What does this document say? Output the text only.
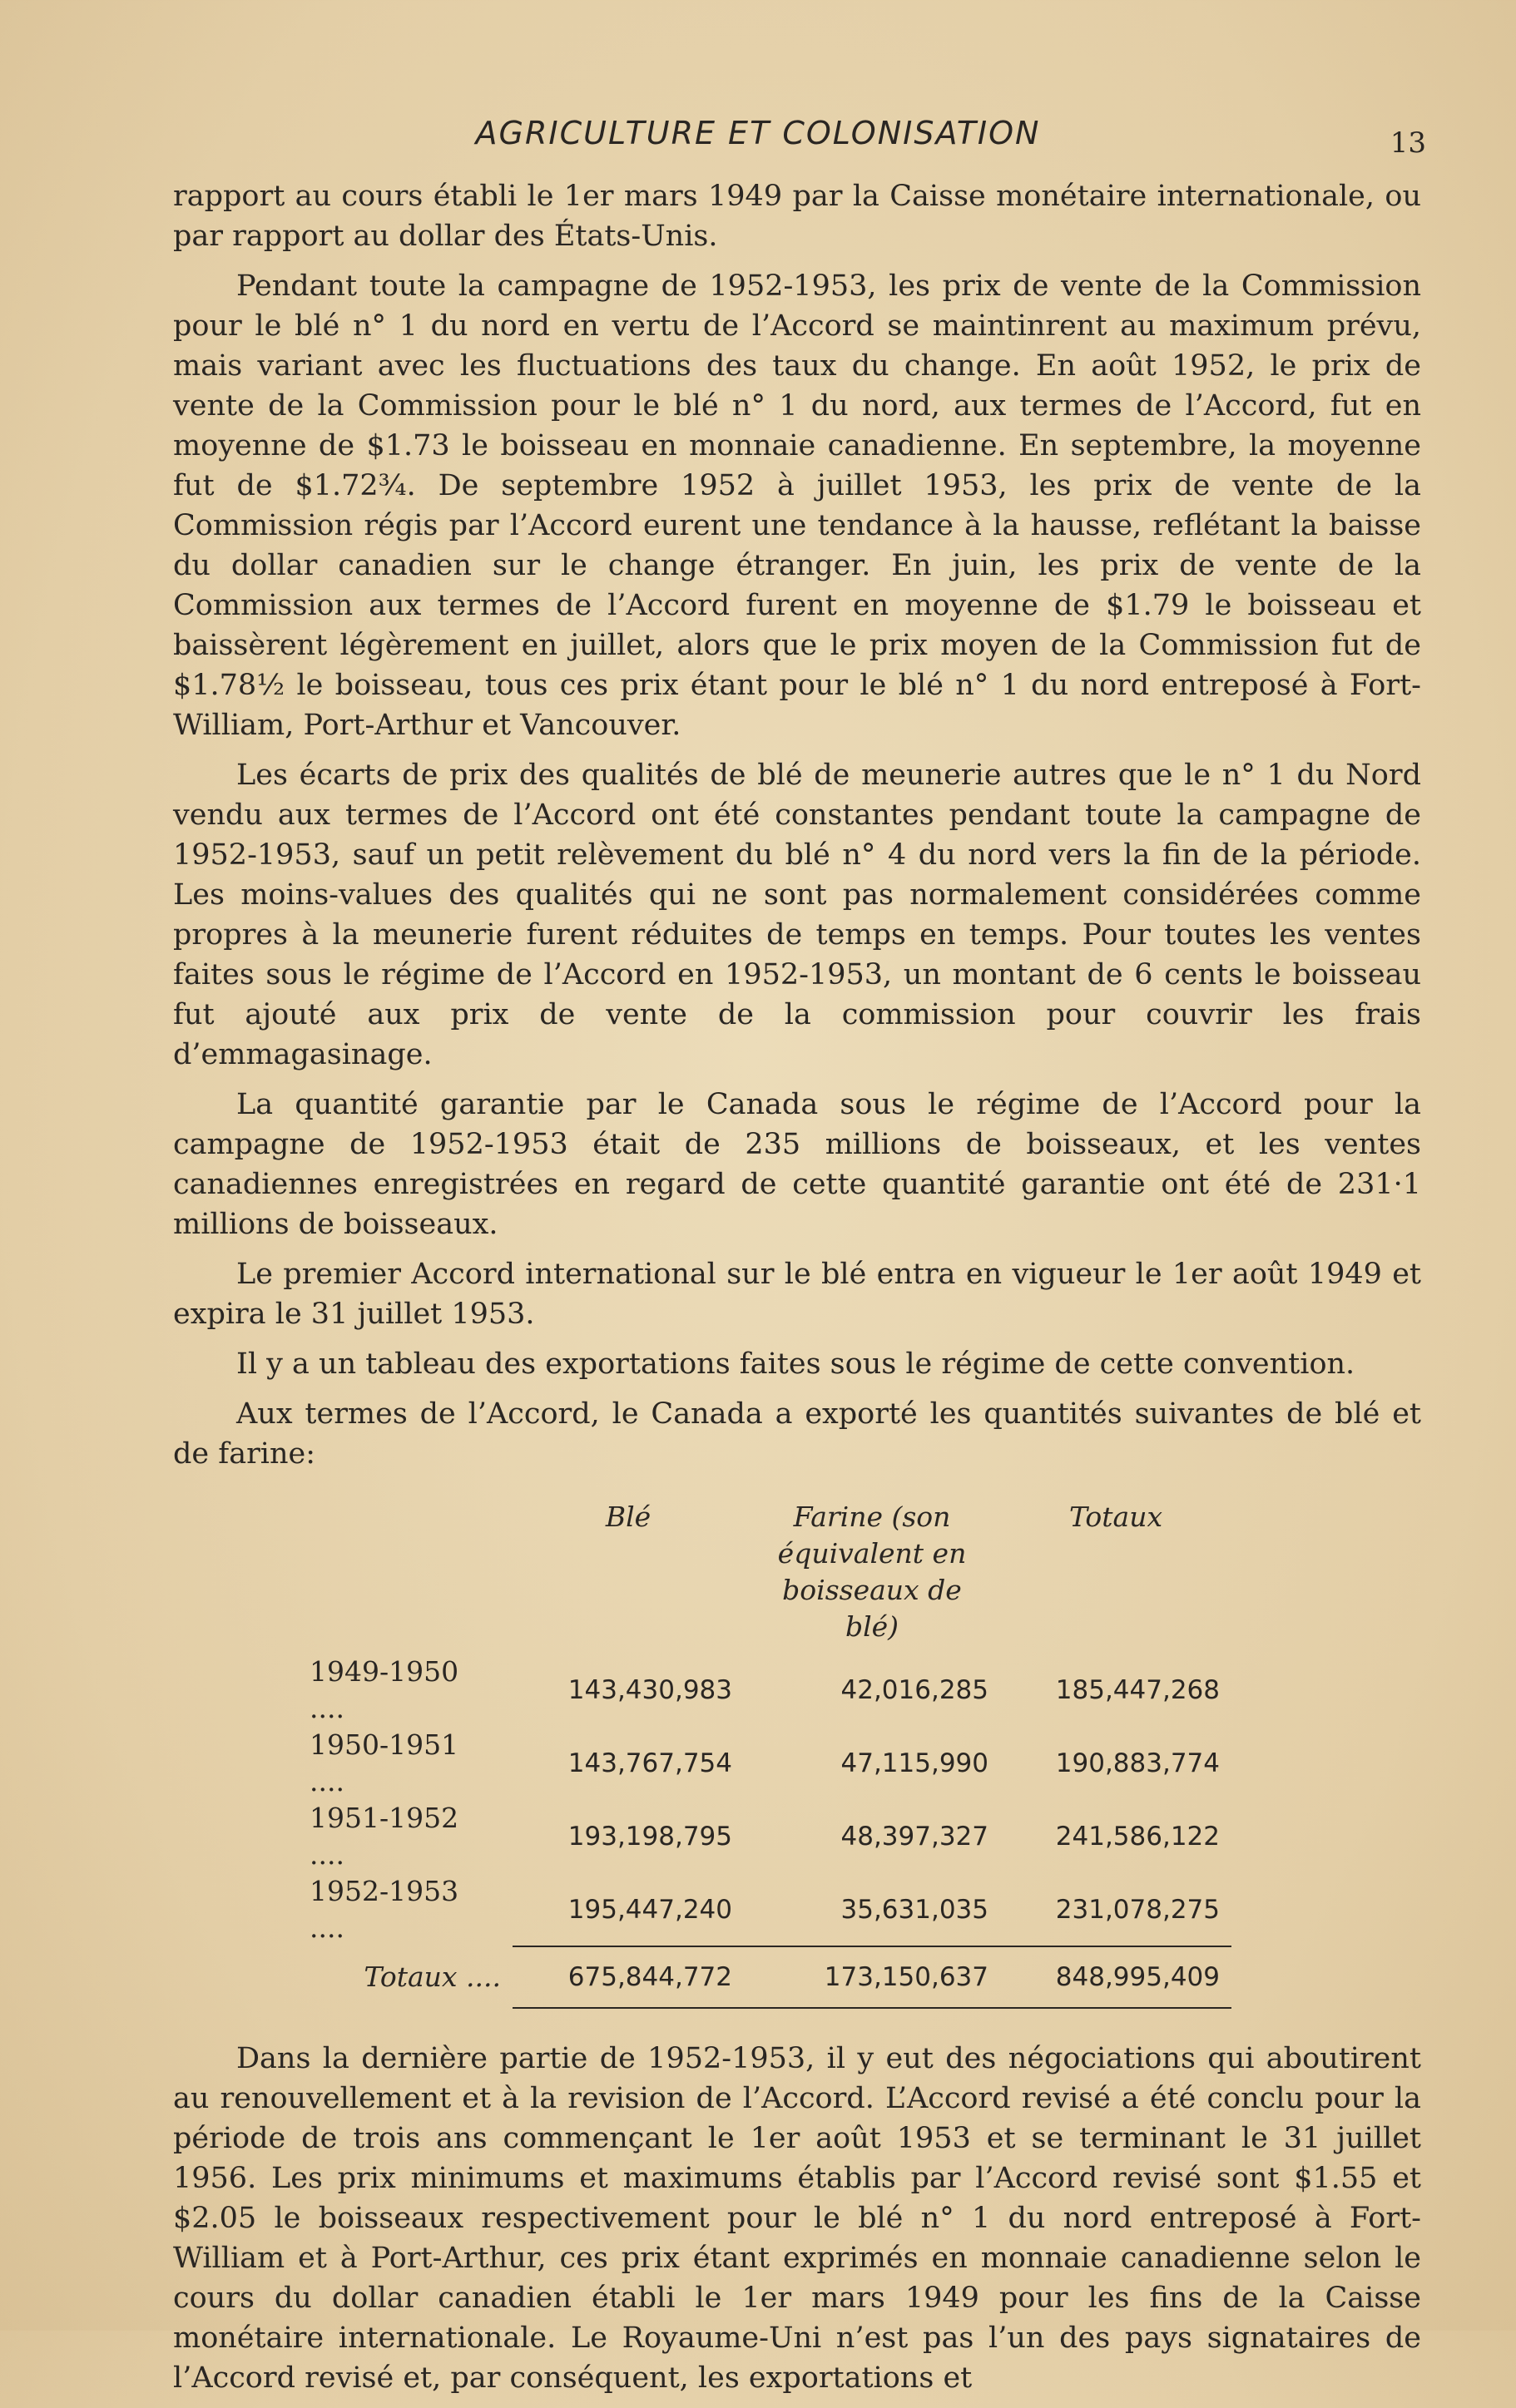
AGRICULTURE ET COLONISATION	13

rapport au cours établi le 1er mars 1949 par la Caisse monétaire internationale, ou par rapport au dollar des États-Unis.

Pendant toute la campagne de 1952-1953, les prix de vente de la Commission pour le blé n° 1 du nord en vertu de l’Accord se maintinrent au maximum prévu, mais variant avec les fluctuations des taux du change. En août 1952, le prix de vente de la Commission pour le blé n° 1 du nord, aux termes de l’Accord, fut en moyenne de $1.73 le boisseau en monnaie canadienne. En septembre, la moyenne fut de $1.72¾. De septembre 1952 à juillet 1953, les prix de vente de la Commission régis par l’Accord eurent une tendance à la hausse, reflétant la baisse du dollar canadien sur le change étranger. En juin, les prix de vente de la Commission aux termes de l’Accord furent en moyenne de $1.79 le boisseau et baissèrent légèrement en juillet, alors que le prix moyen de la Commission fut de $1.78½ le boisseau, tous ces prix étant pour le blé n° 1 du nord entreposé à Fort-William, Port-Arthur et Vancouver.

Les écarts de prix des qualités de blé de meunerie autres que le n° 1 du Nord vendu aux termes de l’Accord ont été constantes pendant toute la campagne de 1952-1953, sauf un petit relèvement du blé n° 4 du nord vers la fin de la période. Les moins-values des qualités qui ne sont pas normalement considérées comme propres à la meunerie furent réduites de temps en temps. Pour toutes les ventes faites sous le régime de l’Accord en 1952-1953, un montant de 6 cents le boisseau fut ajouté aux prix de vente de la commission pour couvrir les frais d’emmagasinage.

La quantité garantie par le Canada sous le régime de l’Accord pour la campagne de 1952-1953 était de 235 millions de boisseaux, et les ventes canadiennes enregistrées en regard de cette quantité garantie ont été de 231·1 millions de boisseaux.

Le premier Accord international sur le blé entra en vigueur le 1er août 1949 et expira le 31 juillet 1953.

Il y a un tableau des exportations faites sous le régime de cette convention.

Aux termes de l’Accord, le Canada a exporté les quantités suivantes de blé et de farine:

	Blé	Farine (son équivalent en boisseaux de blé)	Totaux
1949-1950 ....	143,430,983	42,016,285	185,447,268
1950-1951 ....	143,767,754	47,115,990	190,883,774
1951-1952 ....	193,198,795	48,397,327	241,586,122
1952-1953 ....	195,447,240	35,631,035	231,078,275
Totaux ....	675,844,772	173,150,637	848,995,409

Dans la dernière partie de 1952-1953, il y eut des négociations qui aboutirent au renouvellement et à la revision de l’Accord. L’Accord revisé a été conclu pour la période de trois ans commençant le 1er août 1953 et se terminant le 31 juillet 1956. Les prix minimums et maximums établis par l’Accord revisé sont $1.55 et $2.05 le boisseaux respectivement pour le blé n° 1 du nord entreposé à Fort-William et à Port-Arthur, ces prix étant exprimés en monnaie canadienne selon le cours du dollar canadien établi le 1er mars 1949 pour les fins de la Caisse monétaire internationale. Le Royaume-Uni n’est pas l’un des pays signataires de l’Accord revisé et, par conséquent, les exportations et
